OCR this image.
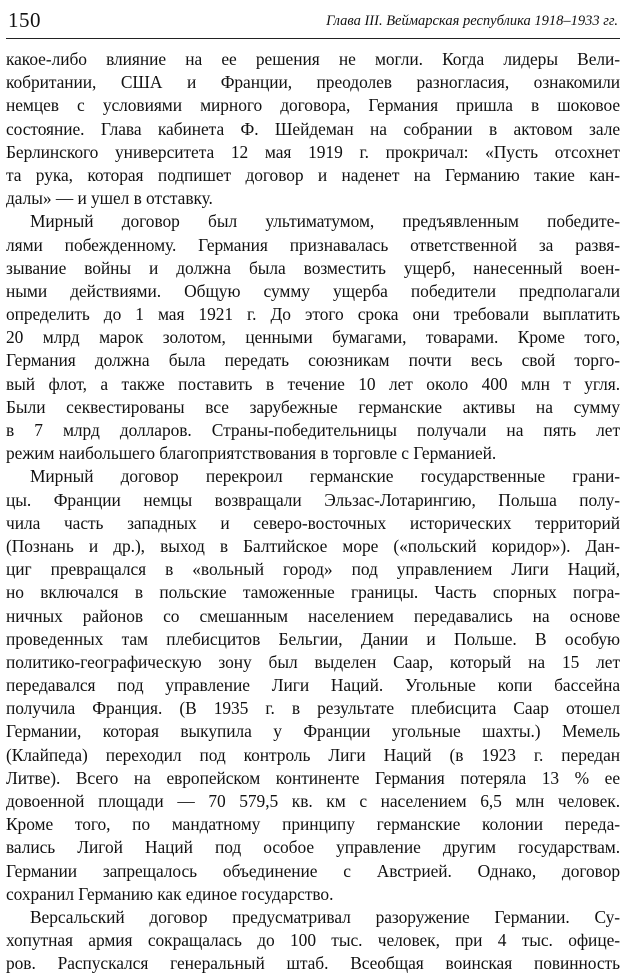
150	Глава III. Веймарская республика 1918–1933 гг.
какое-либо влияние на ее решения не могли. Когда лидеры Вели-
кобритании, США и Франции, преодолев разногласия, ознакомили
немцев с условиями мирного договора, Германия пришла в шоковое
состояние. Глава кабинета Ф. Шейдеман на собрании в актовом зале
Берлинского университета 12 мая 1919 г. прокричал: «Пусть отсохнет
та рука, которая подпишет договор и наденет на Германию такие кан-
далы» — и ушел в отставку.
Мирный договор был ультиматумом, предъявленным победите-
лями побежденному. Германия признавалась ответственной за развя-
зывание войны и должна была возместить ущерб, нанесенный воен-
ными действиями. Общую сумму ущерба победители предполагали
определить до 1 мая 1921 г. До этого срока они требовали выплатить
20 млрд марок золотом, ценными бумагами, товарами. Кроме того,
Германия должна была передать союзникам почти весь свой торго-
вый флот, а также поставить в течение 10 лет около 400 млн т угля.
Были секвестированы все зарубежные германские активы на сумму
в 7 млрд долларов. Страны-победительницы получали на пять лет
режим наибольшего благоприятствования в торговле с Германией.
Мирный договор перекроил германские государственные грани-
цы. Франции немцы возвращали Эльзас-Лотарингию, Польша полу-
чила часть западных и северо-восточных исторических территорий
(Познань и др.), выход в Балтийское море («польский коридор»). Дан-
циг превращался в «вольный город» под управлением Лиги Наций,
но включался в польские таможенные границы. Часть спорных погра-
ничных районов со смешанным населением передавались на основе
проведенных там плебисцитов Бельгии, Дании и Польше. В особую
политико-географическую зону был выделен Саар, который на 15 лет
передавался под управление Лиги Наций. Угольные копи бассейна
получила Франция. (В 1935 г. в результате плебисцита Саар отошел
Германии, которая выкупила у Франции угольные шахты.) Мемель
(Клайпеда) переходил под контроль Лиги Наций (в 1923 г. передан
Литве). Всего на европейском континенте Германия потеряла 13 % ее
довоенной площади — 70 579,5 кв. км с населением 6,5 млн человек.
Кроме того, по мандатному принципу германские колонии переда-
вались Лигой Наций под особое управление другим государствам.
Германии запрещалось объединение с Австрией. Однако, договор
сохранил Германию как единое государство.
Версальский договор предусматривал разоружение Германии. Су-
хопутная армия сокращалась до 100 тыс. человек, при 4 тыс. офице-
ров. Распускался генеральный штаб. Всеобщая воинская повинность
